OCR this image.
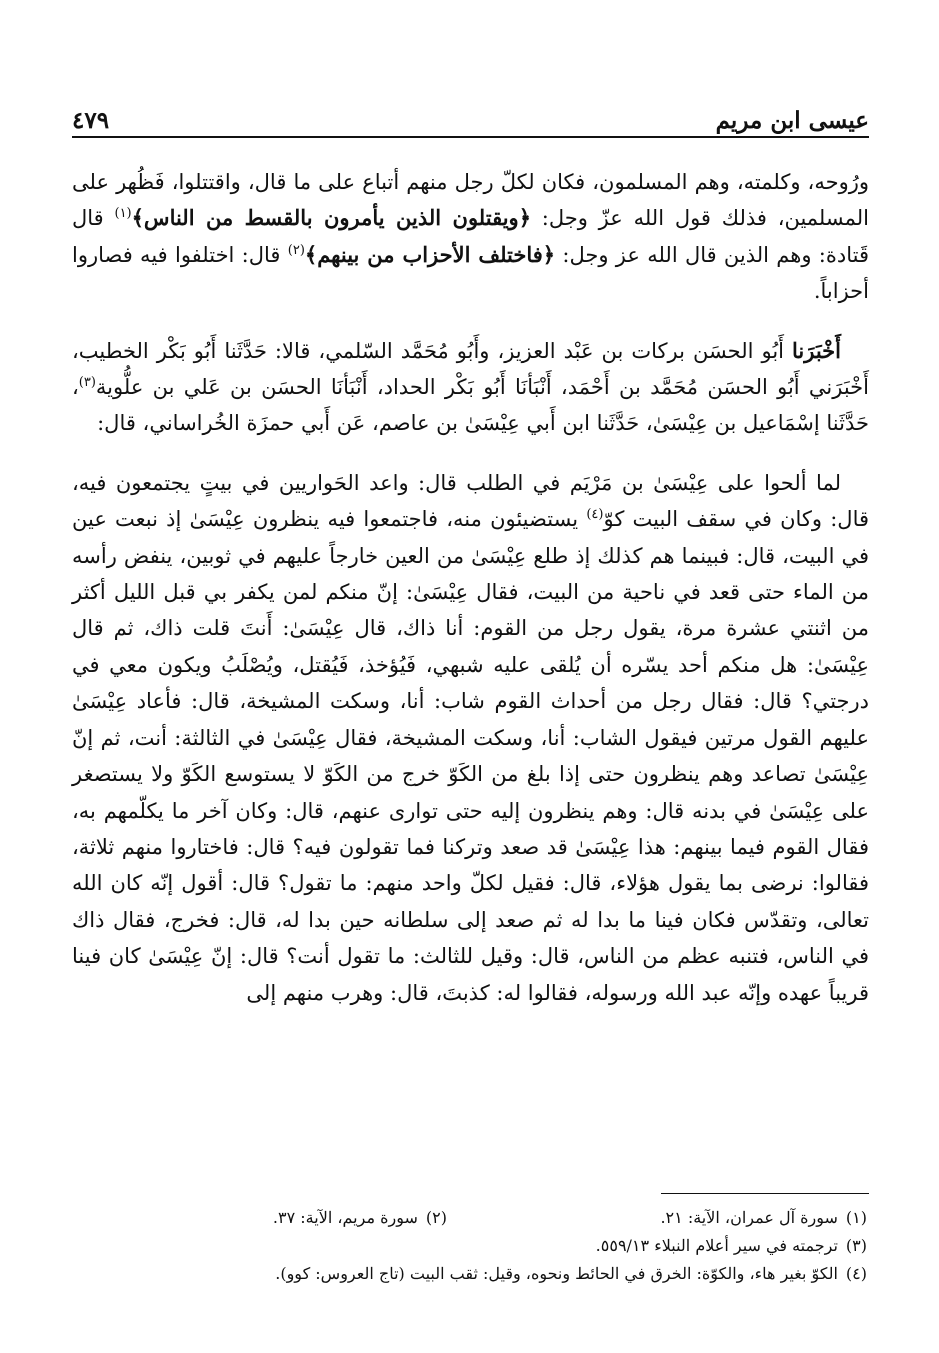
عيسى ابن مريم
٤٧٩

ورُوحه، وكلمته، وهم المسلمون، فكان لكلّ رجل منهم أتباع على ما قال، واقتتلوا، فَظُهر على المسلمين، فذلك قول الله عزّ وجل: ﴿ويقتلون الذين يأمرون بالقسط من الناس﴾$^{(١)}$ قال قَتادة: وهم الذين قال الله عز وجل: ﴿فاختلف الأحزاب من بينهم﴾$^{(٢)}$ قال: اختلفوا فيه فصاروا أحزاباً.

أَخْبَرَنا أَبُو الحسَن بركات بن عَبْد العزيز، وأَبُو مُحَمَّد السّلمي، قالا: حَدَّثَنا أَبُو بَكْر الخطيب، أَخْبَرَني أَبُو الحسَن مُحَمَّد بن أَحْمَد، أَنْبَأنَا أَبُو بَكْر الحداد، أَنْبَأنَا الحسَن بن عَلي بن علُّوية$^{(٣)}$، حَدَّثَنا إسْمَاعيل بن عِيْسَىٰ، حَدَّثَنا ابن أَبي عِيْسَىٰ بن عاصم، عَن أَبي حمزَة الخُراساني، قال:

لما ألحوا على عِيْسَىٰ بن مَرْيَم في الطلب قال: واعد الحَواريين في بيتٍ يجتمعون فيه، قال: وكان في سقف البيت كوّ$^{(٤)}$ يستضيئون منه، فاجتمعوا فيه ينظرون عِيْسَىٰ إذ نبعت عين في البيت، قال: فبينما هم كذلك إذ طلع عِيْسَىٰ من العين خارجاً عليهم في ثوبين، ينفض رأسه من الماء حتى قعد في ناحية من البيت، فقال عِيْسَىٰ: إنّ منكم لمن يكفر بي قبل الليل أكثر من اثنتي عشرة مرة، يقول رجل من القوم: أنا ذاك، قال عِيْسَىٰ: أَنتَ قلت ذاك، ثم قال عِيْسَىٰ: هل منكم أحد يسّره أن يُلقى عليه شبهي، فَيُؤخذ، فَيُقتل، ويُصْلَبُ ويكون معي في درجتي؟ قال: فقال رجل من أحداث القوم شاب: أنا، وسكت المشيخة، قال: فأعاد عِيْسَىٰ عليهم القول مرتين فيقول الشاب: أنا، وسكت المشيخة، فقال عِيْسَىٰ في الثالثة: أنت، ثم إنّ عِيْسَىٰ تصاعد وهم ينظرون حتى إذا بلغ من الكَوّ خرج من الكَوّ لا يستوسع الكَوّ ولا يستصغر على عِيْسَىٰ في بدنه قال: وهم ينظرون إليه حتى توارى عنهم، قال: وكان آخر ما يكلّمهم به، فقال القوم فيما بينهم: هذا عِيْسَىٰ قد صعد وتركنا فما تقولون فيه؟ قال: فاختاروا منهم ثلاثة، فقالوا: نرضى بما يقول هؤلاء، قال: فقيل لكلّ واحد منهم: ما تقول؟ قال: أقول إنّه كان الله تعالى، وتقدّس فكان فينا ما بدا له ثم صعد إلى سلطانه حين بدا له، قال: فخرج، فقال ذاك في الناس، فتنبه عظم من الناس، قال: وقيل للثالث: ما تقول أنت؟ قال: إنّ عِيْسَىٰ كان فينا قريباً عهده وإنّه عبد الله ورسوله، فقالوا له: كذبتَ، قال: وهرب منهم إلى

(١)سورة آل عمران، الآية: ٢١.
(٢)سورة مريم، الآية: ٣٧.
(٣)ترجمته في سير أعلام النبلاء ٥٥٩/١٣.
(٤)الكوّ بغير هاء، والكوّة: الخرق في الحائط ونحوه، وقيل: ثقب البيت (تاج العروس: كوو).
